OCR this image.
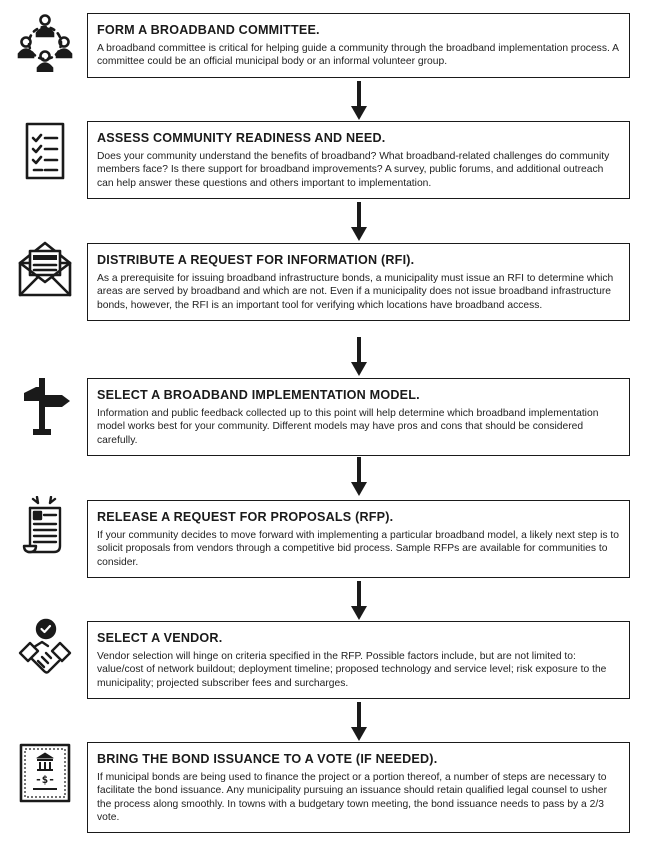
FORM A BROADBAND COMMITTEE.

A broadband committee is critical for helping guide a community through the broadband implementation process. A committee could be an official municipal body or an informal volunteer group.

ASSESS COMMUNITY READINESS AND NEED.

Does your community understand the benefits of broadband? What broadband-related challenges do community members face? Is there support for broadband improvements? A survey, public forums, and additional outreach can help answer these questions and others important to implementation.

DISTRIBUTE A REQUEST FOR INFORMATION (RFI).

As a prerequisite for issuing broadband infrastructure bonds, a municipality must issue an RFI to determine which areas are served by broadband and which are not. Even if a municipality does not issue broadband infrastructure bonds, however, the RFI is an important tool for verifying which locations have broadband access.

SELECT A BROADBAND IMPLEMENTATION MODEL.

Information and public feedback collected up to this point will help determine which broadband implementation model works best for your community. Different models may have pros and cons that should be considered carefully.

RELEASE A REQUEST FOR PROPOSALS (RFP).

If your community decides to move forward with implementing a particular broadband model, a likely next step is to solicit proposals from vendors through a competitive bid process. Sample RFPs are available for communities to consider.

SELECT A VENDOR.

Vendor selection will hinge on criteria specified in the RFP. Possible factors include, but are not limited to: value/cost of network buildout; deployment timeline; proposed technology and service level; risk exposure to the municipality; projected subscriber fees and surcharges.

-$-

BRING THE BOND ISSUANCE TO A VOTE (IF NEEDED).

If municipal bonds are being used to finance the project or a portion thereof, a number of steps are necessary to facilitate the bond issuance. Any municipality pursuing an issuance should retain qualified legal counsel to usher the process along smoothly. In towns with a budgetary town meeting, the bond issuance needs to pass by a 2/3 vote.
